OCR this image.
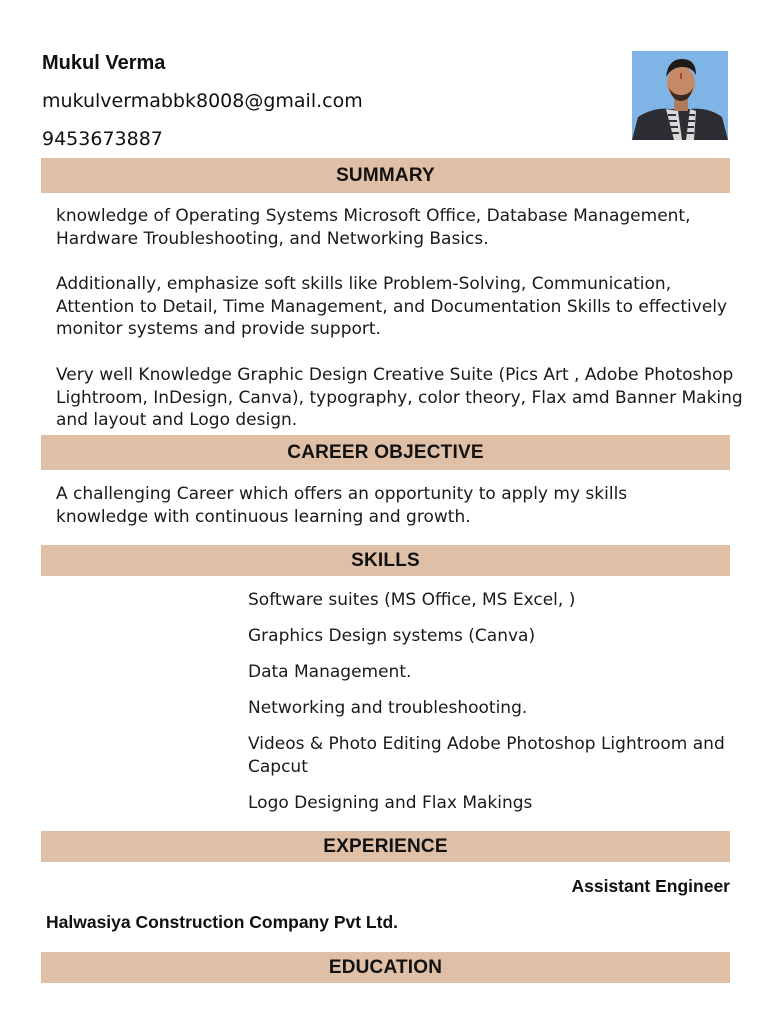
Mukul Verma
mukulvermabbk8008@gmail.com
9453673887
SUMMARY

knowledge of Operating Systems Microsoft Office, Database Management, Hardware Troubleshooting, and Networking Basics.

Additionally, emphasize soft skills like Problem-Solving, Communication, Attention to Detail, Time Management, and Documentation Skills to effectively monitor systems and provide support.

Very well Knowledge Graphic Design Creative Suite (Pics Art , Adobe Photoshop Lightroom, InDesign, Canva), typography, color theory, Flax amd Banner Making and layout and Logo design.

CAREER OBJECTIVE

A challenging Career which offers an opportunity to apply my skills knowledge with continuous learning and growth.

SKILLS
Software suites (MS Office, MS Excel, )
Graphics Design systems (Canva)
Data Management.
Networking and troubleshooting.
Videos & Photo Editing Adobe Photoshop Lightroom and Capcut
Logo Designing and Flax Makings
EXPERIENCE
Assistant Engineer
Halwasiya Construction Company Pvt Ltd.
EDUCATION
